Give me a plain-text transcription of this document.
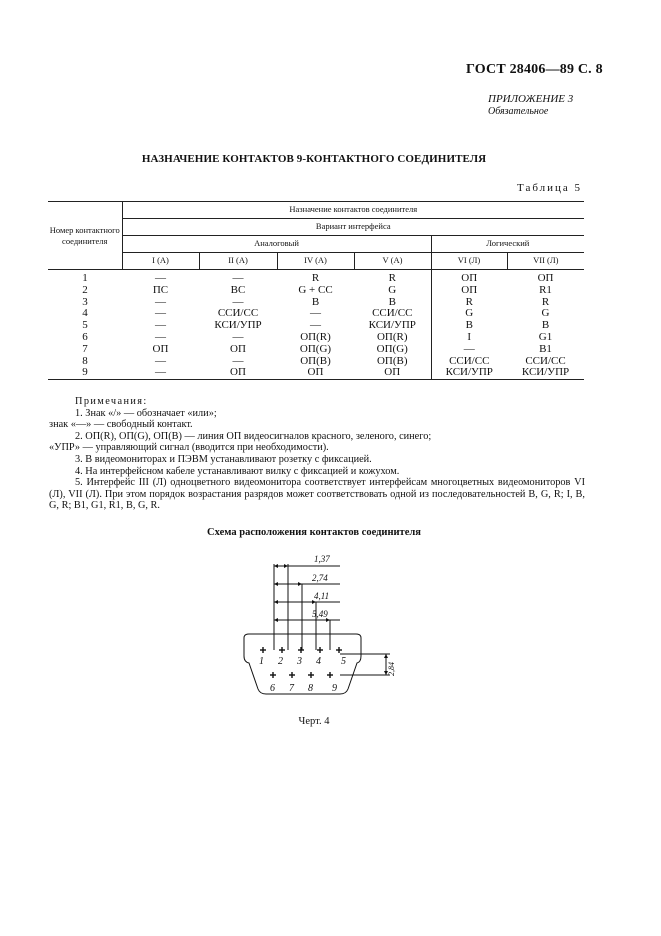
ГОСТ 28406—89 С. 8
ПРИЛОЖЕНИЕ 3
Обязательное
НАЗНАЧЕНИЕ КОНТАКТОВ 9-КОНТАКТНОГО СОЕДИНИТЕЛЯ
Таблица 5
Номер контактного соединителя	Назначение контактов соединителя					
	Вариант интерфейса					
	Аналоговый				Логический	
	I (А)	II (А)	IV (А)	V (А)	VI (Л)	VII (Л)
1	—	—	R	R	ОП	ОП
2	ПС	ВС	G + CC	G	ОП	R1
3	—	—	B	B	R	R
4	—	ССИ/СС	—	ССИ/СС	G	G
5	—	КСИ/УПР	—	КСИ/УПР	B	B
6	—	—	ОП(R)	ОП(R)	I	G1
7	ОП	ОП	ОП(G)	ОП(G)	—	B1
8	—	—	ОП(B)	ОП(B)	ССИ/СС	ССИ/СС
9	—	ОП	ОП	ОП	КСИ/УПР	КСИ/УПР

Примечания:

1. Знак «/» — обозначает «или»;

знак «—» — свободный контакт.

2. ОП(R), ОП(G), ОП(B) — линия ОП видеосигналов красного, зеленого, синего;

«УПР» — управляющий сигнал (вводится при необходимости).

3. В видеомониторах и ПЭВМ устанавливают розетку с фиксацией.

4. На интерфейсном кабеле устанавливают вилку с фиксацией и кожухом.

5. Интерфейс III (Л) одноцветного видеомонитора соответствует интерфейсам многоцветных видеомониторов VI (Л), VII (Л). При этом порядок возрастания разрядов может соответствовать одной из последовательностей B, G, R; I, B, G, R; B1, G1, R1, B, G, R.

Схема расположения контактов соединителя
1,37
2,74
4,11
5,49
2,84
1 2 3 4 5
6 7 8 9
Черт. 4
